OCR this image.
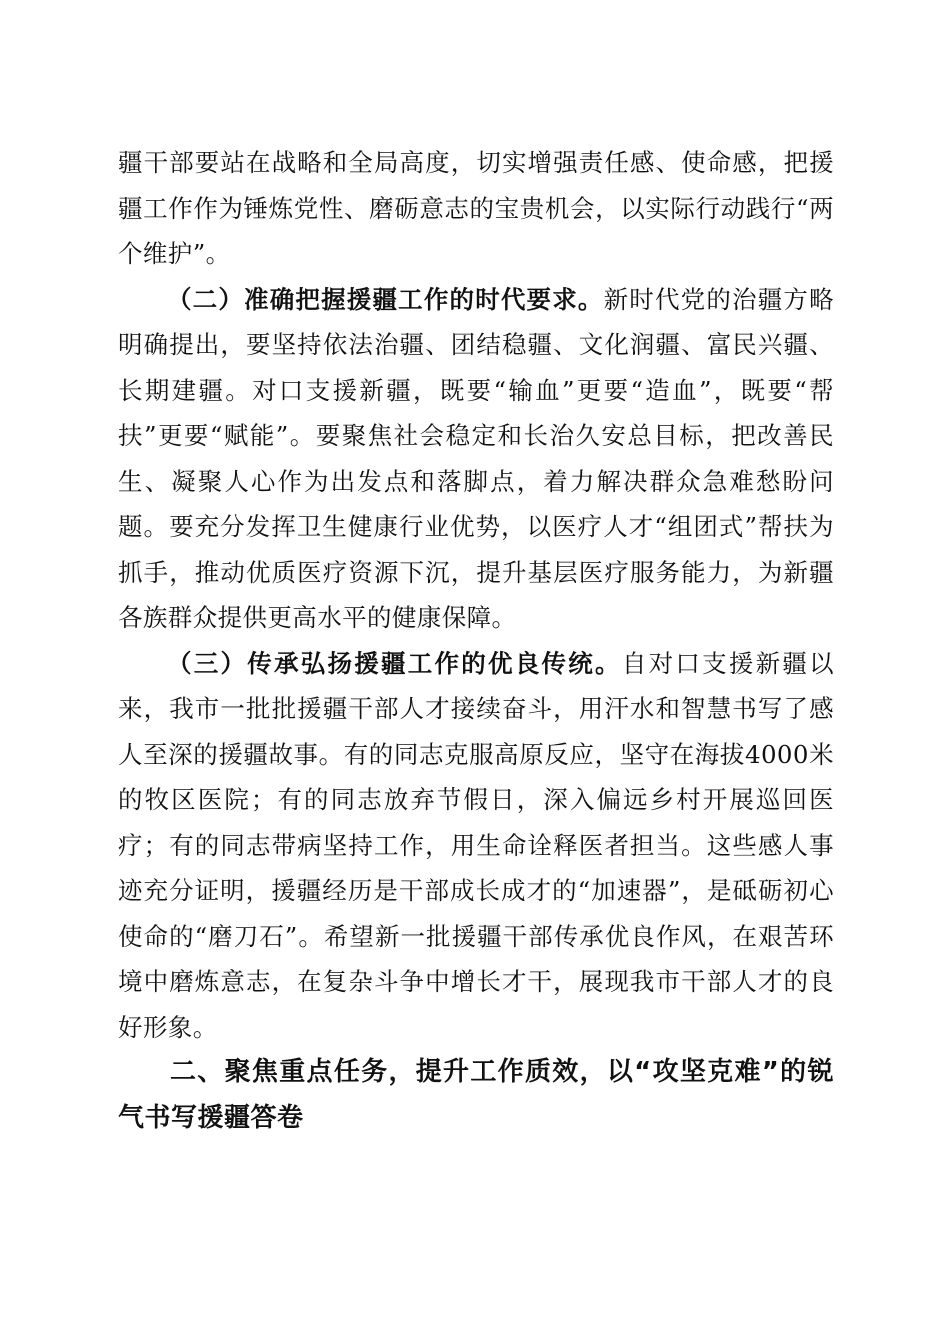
疆干部要站在战略和全局高度，切实增强责任感、使命感，把援疆工作作为锤炼党性、磨砺意志的宝贵机会，以实际行动践行“两个维护”。

（二）准确把握援疆工作的时代要求。新时代党的治疆方略明确提出，要坚持依法治疆、团结稳疆、文化润疆、富民兴疆、长期建疆。对口支援新疆，既要“输血”更要“造血”，既要“帮扶”更要“赋能”。要聚焦社会稳定和长治久安总目标，把改善民生、凝聚人心作为出发点和落脚点，着力解决群众急难愁盼问题。要充分发挥卫生健康行业优势，以医疗人才“组团式”帮扶为抓手，推动优质医疗资源下沉，提升基层医疗服务能力，为新疆各族群众提供更高水平的健康保障。

（三）传承弘扬援疆工作的优良传统。自对口支援新疆以来，我市一批批援疆干部人才接续奋斗，用汗水和智慧书写了感人至深的援疆故事。有的同志克服高原反应，坚守在海拔4000米的牧区医院；有的同志放弃节假日，深入偏远乡村开展巡回医疗；有的同志带病坚持工作，用生命诠释医者担当。这些感人事迹充分证明，援疆经历是干部成长成才的“加速器”，是砥砺初心使命的“磨刀石”。希望新一批援疆干部传承优良作风，在艰苦环境中磨炼意志，在复杂斗争中增长才干，展现我市干部人才的良好形象。

二、聚焦重点任务，提升工作质效，以“攻坚克难”的锐气书写援疆答卷
